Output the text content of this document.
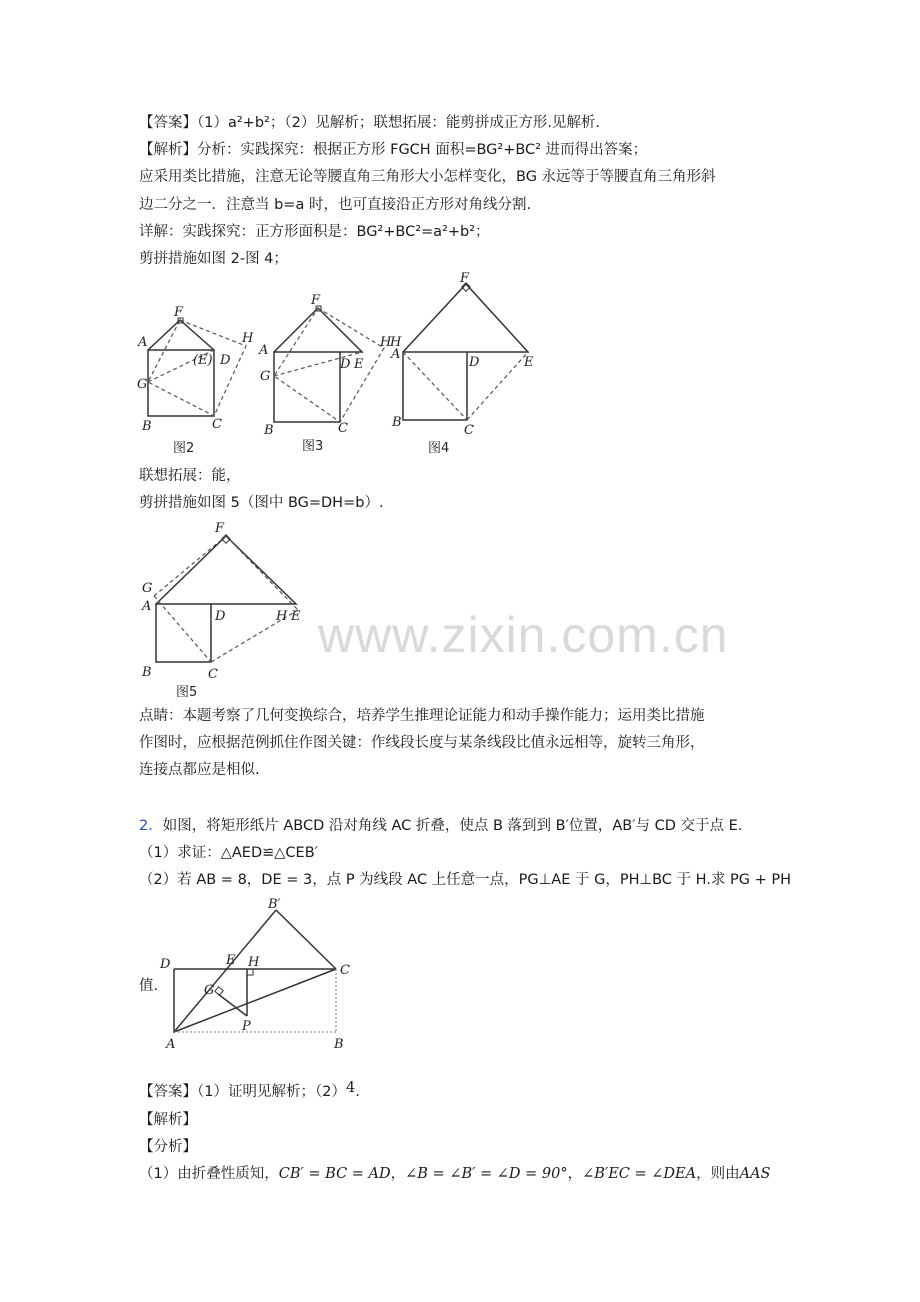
【答案】（1）a²+b²；（2）见解析；联想拓展：能剪拼成正方形.见解析.
【解析】分析：实践探究：根据正方形 FGCH 面积=BG²+BC² 进而得出答案；
应采用类比措施，注意无论等腰直角三角形大小怎样变化，BG 永远等于等腰直角三角形斜
边二分之一．注意当 b=a 时，也可直接沿正方形对角线分割.
详解：实践探究：正方形面积是：BG²+BC²=a²+b²；
剪拼措施如图 2-图 4；
F
A	H
(E) D
G
B	C
图2
F
A
H
D E
G
B	C
图3
F
A
H
D	E
B
C
图4
联想拓展：能，
剪拼措施如图 5（图中 BG=DH=b）.
F
G
A
D	H E
B	C
图5
www.zixin.com.cn
点睛：本题考察了几何变换综合，培养学生推理论证能力和动手操作能力；运用类比措施
作图时，应根据范例抓住作图关键：作线段长度与某条线段比值永远相等，旋转三角形，
连接点都应是相似.
2．如图，将矩形纸片 ABCD 沿对角线 AC 折叠，使点 B 落到到 B′位置，AB′与 CD 交于点 E.
（1）求证：△AED≌△CEB′
（2）若 AB = 8，DE = 3，点 P 为线段 AC 上任意一点，PG⊥AE 于 G，PH⊥BC 于 H.求 PG + PH
值.
B′
D	E H
C
G
P
A	B
【答案】（1）证明见解析；（2）4.
【解析】
【分析】
（1）由折叠性质知，CB′ = BC = AD，∠B = ∠B′ = ∠D = 90°，∠B′EC = ∠DEA，则由AAS
